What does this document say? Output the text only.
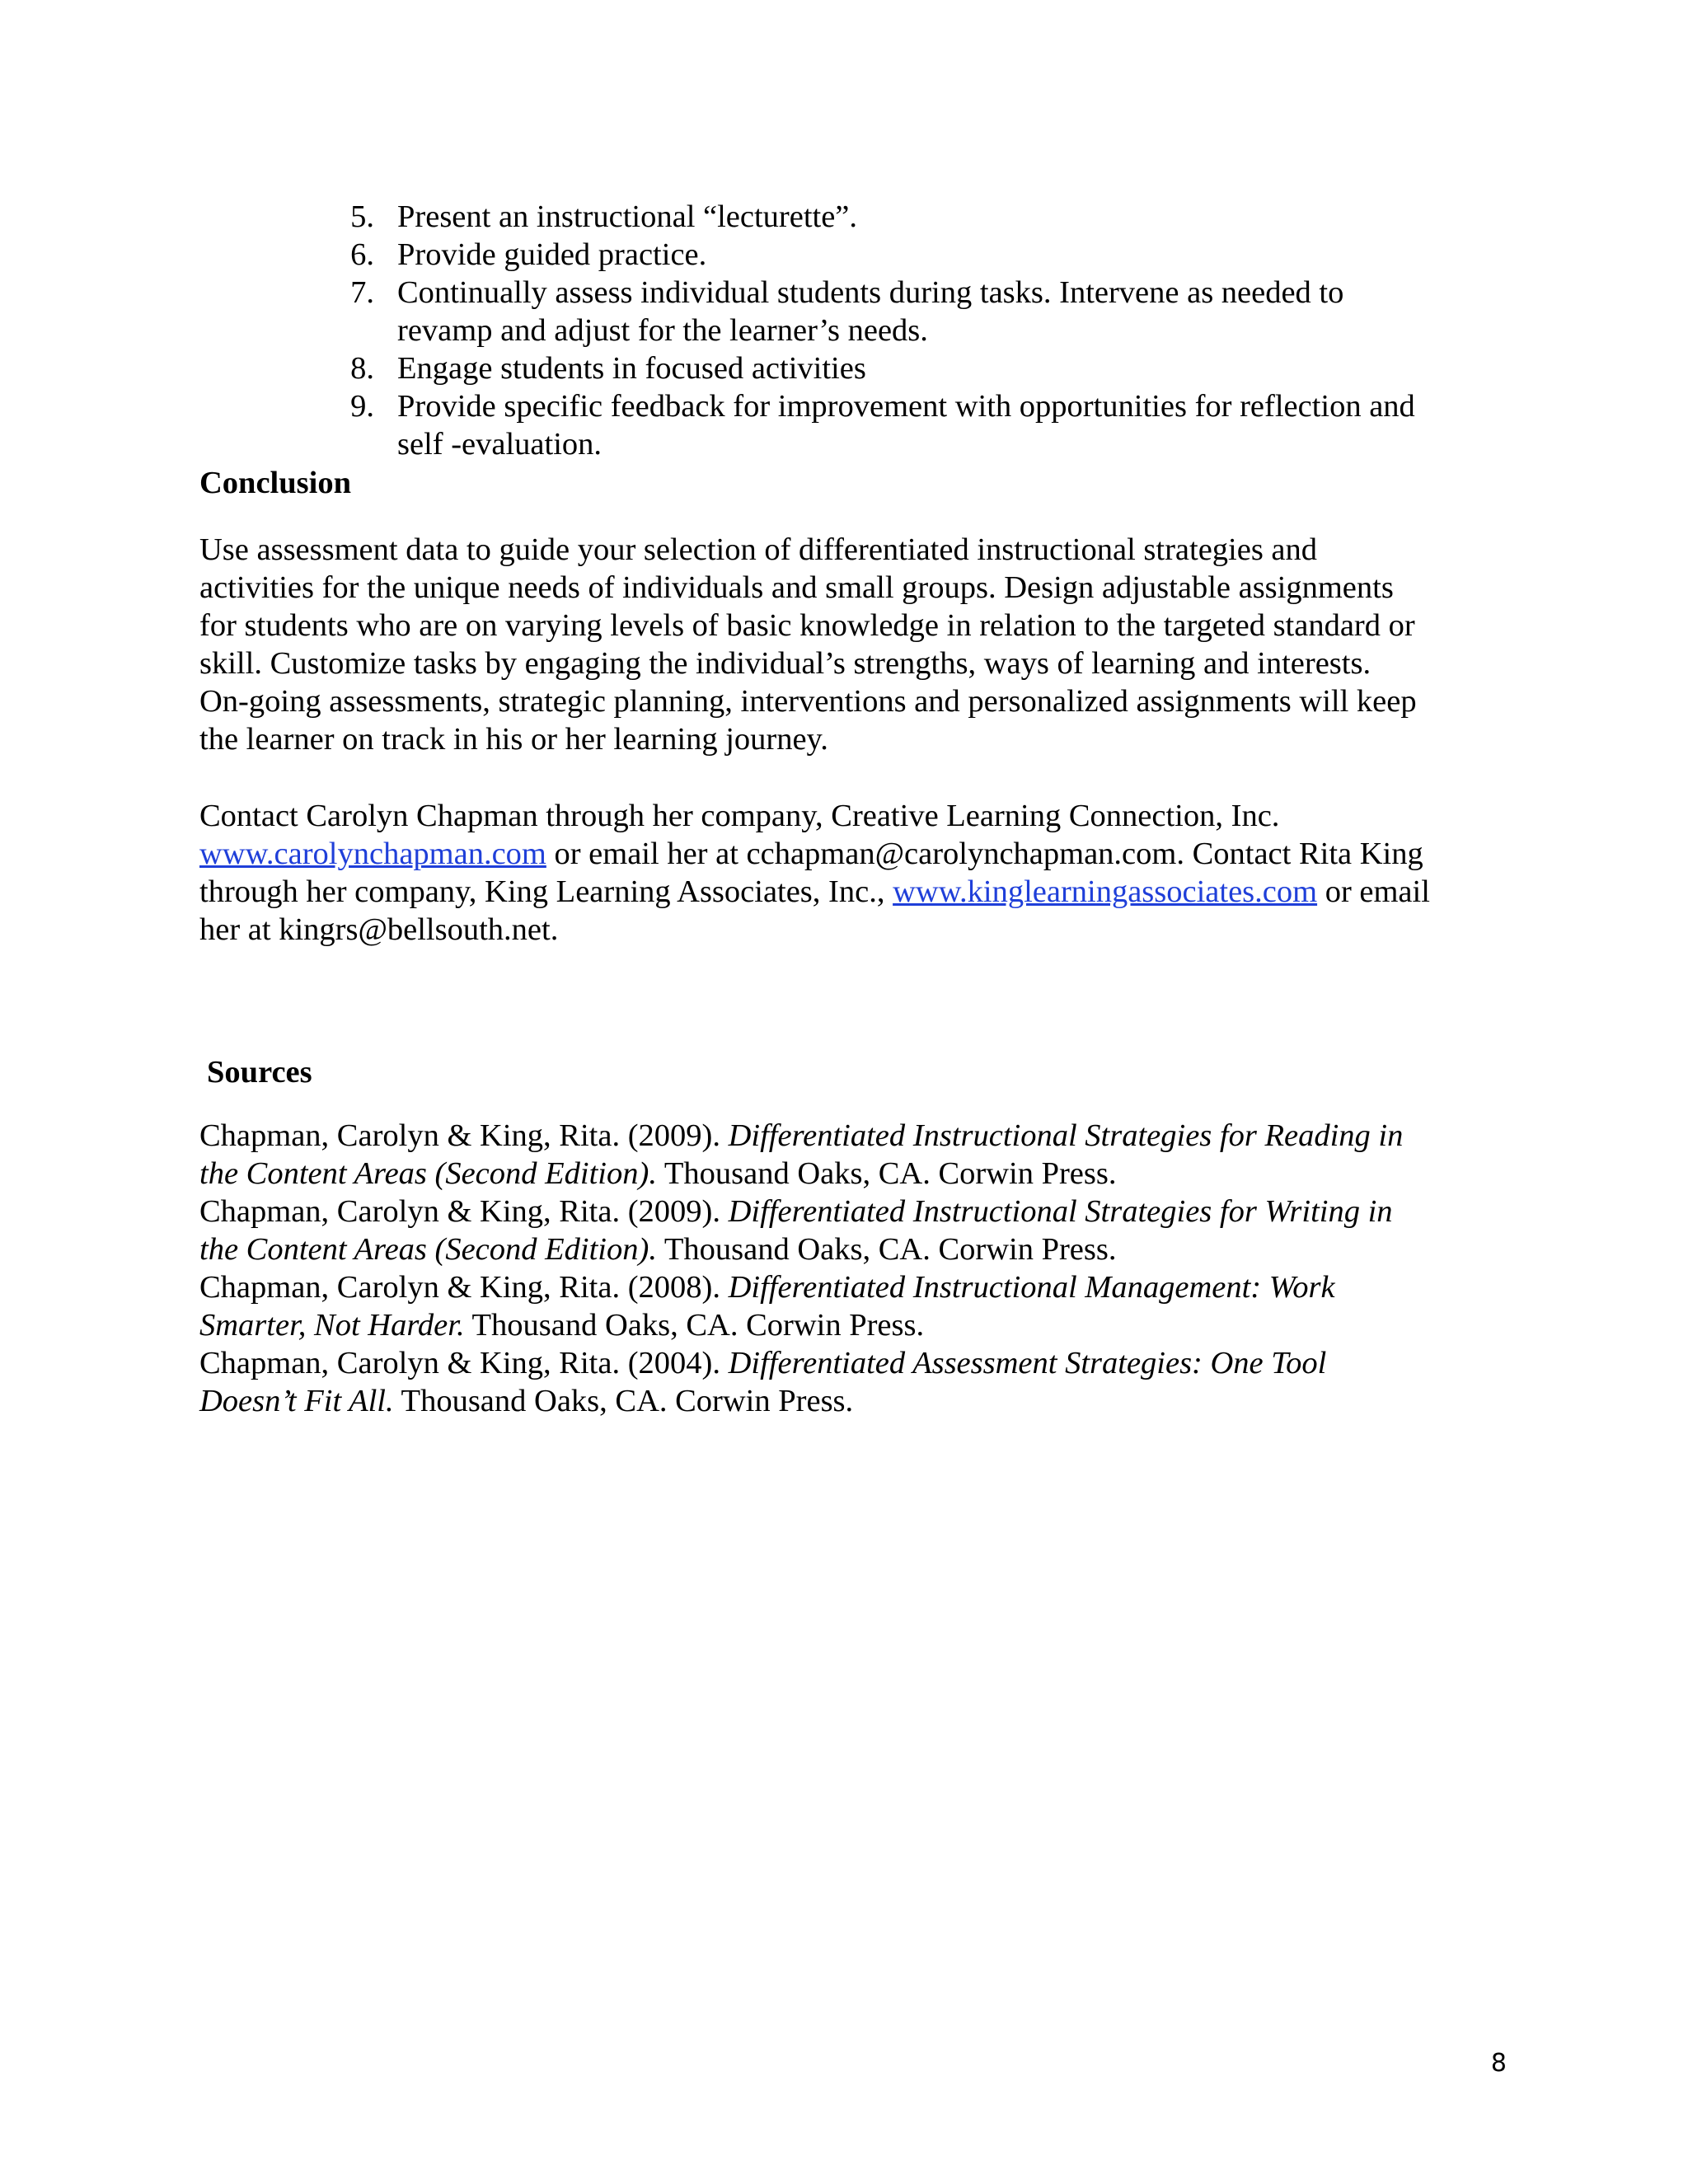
5. Present an instructional “lecturette”.
6. Provide guided practice.
7. Continually assess individual students during tasks. Intervene as needed to
revamp and adjust for the learner’s needs.
8. Engage students in focused activities
9. Provide specific feedback for improvement with opportunities for reflection and
self -evaluation.
Conclusion

Use assessment data to guide your selection of differentiated instructional strategies and
activities for the unique needs of individuals and small groups. Design adjustable assignments
for students who are on varying levels of basic knowledge in relation to the targeted standard or
skill. Customize tasks by engaging the individual’s strengths, ways of learning and interests.
On-going assessments, strategic planning, interventions and personalized assignments will keep
the learner on track in his or her learning journey.

Contact Carolyn Chapman through her company, Creative Learning Connection, Inc.
www.carolynchapman.com or email her at cchapman@carolynchapman.com. Contact Rita King
through her company, King Learning Associates, Inc., www.kinglearningassociates.com or email
her at kingrs@bellsouth.net.

Sources
Chapman, Carolyn & King, Rita. (2009). Differentiated Instructional Strategies for Reading in
the Content Areas (Second Edition). Thousand Oaks, CA. Corwin Press.
Chapman, Carolyn & King, Rita. (2009). Differentiated Instructional Strategies for Writing in
the Content Areas (Second Edition). Thousand Oaks, CA. Corwin Press.
Chapman, Carolyn & King, Rita. (2008). Differentiated Instructional Management: Work
Smarter, Not Harder. Thousand Oaks, CA. Corwin Press.
Chapman, Carolyn & King, Rita. (2004). Differentiated Assessment Strategies: One Tool
Doesn’t Fit All. Thousand Oaks, CA. Corwin Press.
8
